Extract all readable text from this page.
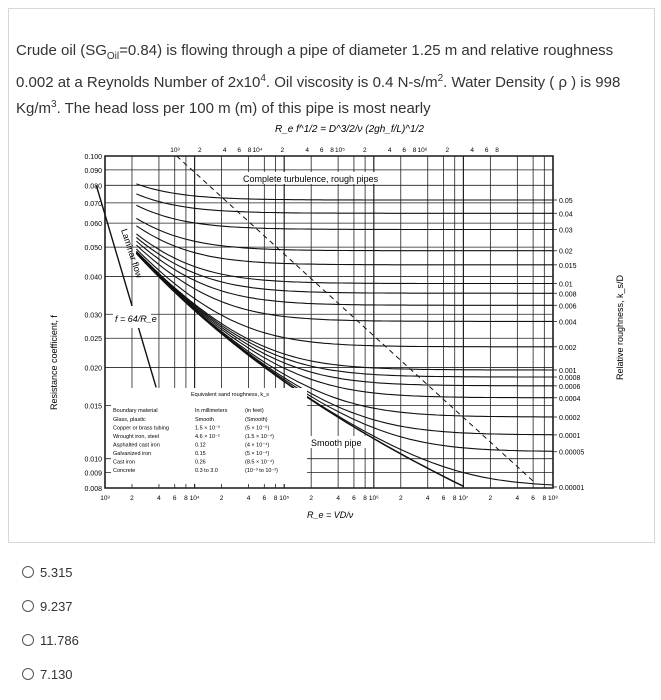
Crude oil $(SG_{Oil}=0.84)$ is flowing through a pipe of diameter 1.25 m and relative roughness 0.002 at a Reynolds Number of $2x10^4$. Oil viscosity is 0.4 $N-s/m^2$. Water Density ( ρ ) is 998 $Kg/m^3$. The head loss per 100 m (m) of this pipe is most nearly
0.100
0.090
0.080
0.070
0.060
0.050
0.040
0.030
0.025
0.020
0.015
0.010
0.009
0.008
10³	2	4 6 8 10⁴	2	4 6 8 10⁵	2	4 6 8 10⁶	2	4 6 8 10⁷	2	4 6 8 10⁸
10³	2	4 6 8 10⁴	2	4 6 8 10⁵	2	4 6 8 10⁶	2	4 6 8
0.05
0.04
0.03
0.02
0.015
0.01
0.008
0.006
0.004
0.002
0.001
0.0008
0.0006
0.0004
0.0002
0.0001
0.00005
0.00001
R_e f^1/2 = D^3/2/ν (2gh_f/L)^1/2
Complete turbulence, rough pipes
Laminar flow
f = 64/R_e
Smooth pipe
Equivalent sand roughness, k_s
Boundary material	In millimeters	(in feet)
Glass, plastic	Smooth	(Smooth)
Copper or brass tubing	1.5 × 10⁻³	(5 × 10⁻⁶)
Wrought iron, steel	4.6 × 10⁻²	(1.5 × 10⁻⁴)
Asphalted cast iron	0.12	(4 × 10⁻⁴)
Galvanized iron	0.15	(5 × 10⁻⁴)
Cast iron	0.26	(8.5 × 10⁻⁴)
Concrete	0.3 to 3.0	(10⁻³ to 10⁻²)
Resistance coefficient, f	Relative roughness, k_s/D
R_e = VD/ν
5.315
9.237
11.786
7.130
